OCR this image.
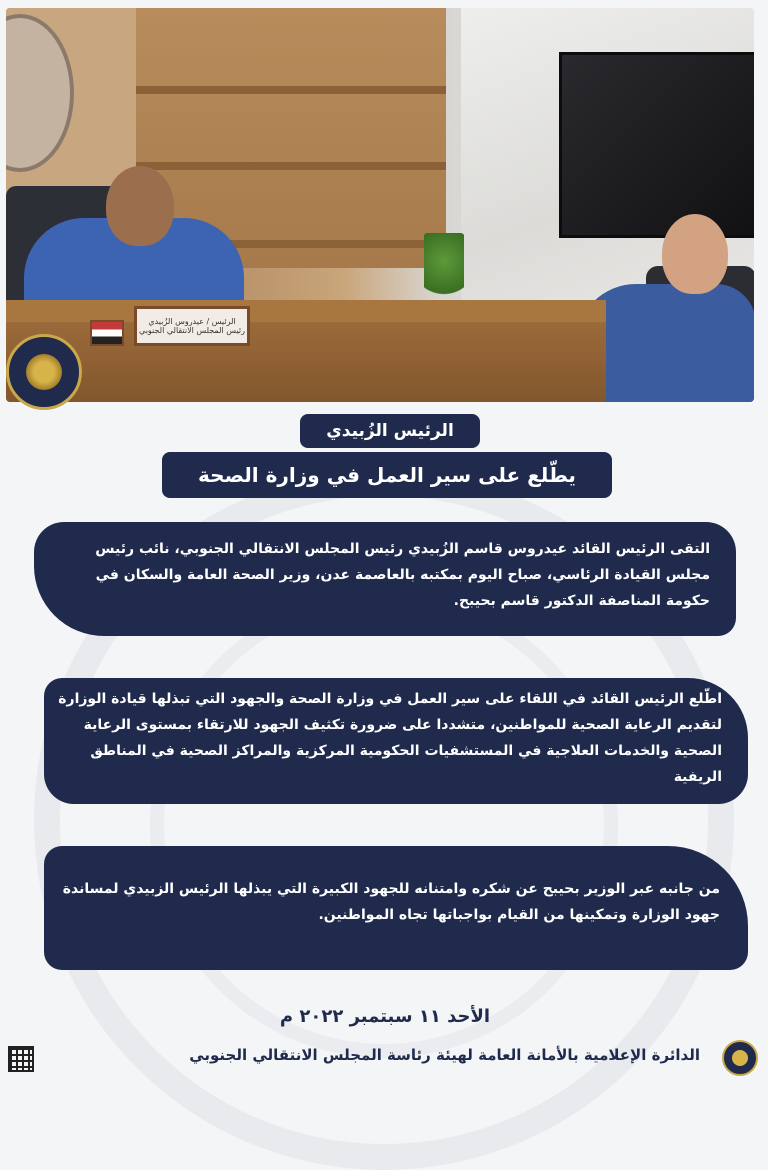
الرئيس / عيدروس الزُبيدي
رئيس المجلس الانتقالي الجنوبي
الرئيس الزُبيدي
يطّلع على سير العمل في وزارة الصحة
التقى الرئيس القائد عيدروس قاسم الزُبيدي رئيس المجلس الانتقالي الجنوبي، نائب رئيس مجلس القيادة الرئاسي، صباح اليوم بمكتبه بالعاصمة عدن، وزير الصحة العامة والسكان في حكومة المناصفة الدكتور قاسم بحيبح.
اطّلع الرئيس القائد في اللقاء على سير العمل في وزارة الصحة والجهود التي تبذلها قيادة الوزارة لتقديم الرعاية الصحية للمواطنين، متشددا على ضرورة تكثيف الجهود للارتقاء بمستوى الرعاية الصحية والخدمات العلاجية في المستشفيات الحكومية المركزية والمراكز الصحية في المناطق الريفية
من جانبه عبر الوزير بحيبح عن شكره وامتنانه للجهود الكبيرة التي يبذلها الرئيس الزبيدي لمساندة جهود الوزارة وتمكينها من القيام بواجباتها تجاه المواطنين.
الأحد ١١ سبتمبر ٢٠٢٢ م
الدائرة الإعلامية بالأمانة العامة لهيئة رئاسة المجلس الانتقالي الجنوبي
